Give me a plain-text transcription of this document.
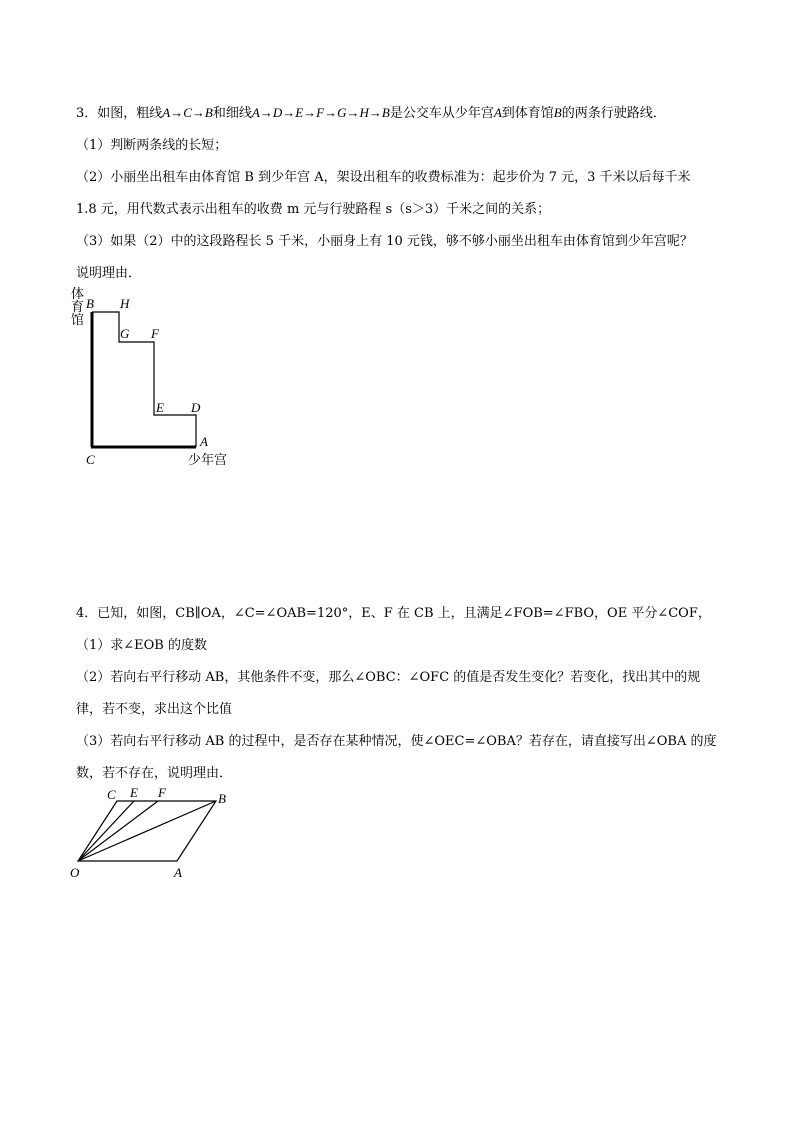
3．如图，粗线A→C→B和细线A→D→E→F→G→H→B是公交车从少年宫A到体育馆B的两条行驶路线．
（1）判断两条线的长短；
（2）小丽坐出租车由体育馆 B 到少年宫 A，架设出租车的收费标准为：起步价为 7 元，3 千米以后每千米
1.8 元，用代数式表示出租车的收费 m 元与行驶路程 s（s＞3）千米之间的关系；
（3）如果（2）中的这段路程长 5 千米，小丽身上有 10 元钱，够不够小丽坐出租车由体育馆到少年宫呢？
说明理由．
B H
G F
E D
A
C
体
育
馆
少年宫
C E F	B
O	A
4．已知，如图，CB∥OA，∠C=∠OAB=120°，E、F 在 CB 上，且满足∠FOB=∠FBO，OE 平分∠COF，
（1）求∠EOB 的度数
（2）若向右平行移动 AB，其他条件不变，那么∠OBC：∠OFC 的值是否发生变化？若变化，找出其中的规
律，若不变，求出这个比值
（3）若向右平行移动 AB 的过程中，是否存在某种情况，使∠OEC=∠OBA？若存在，请直接写出∠OBA 的度
数，若不存在，说明理由．
